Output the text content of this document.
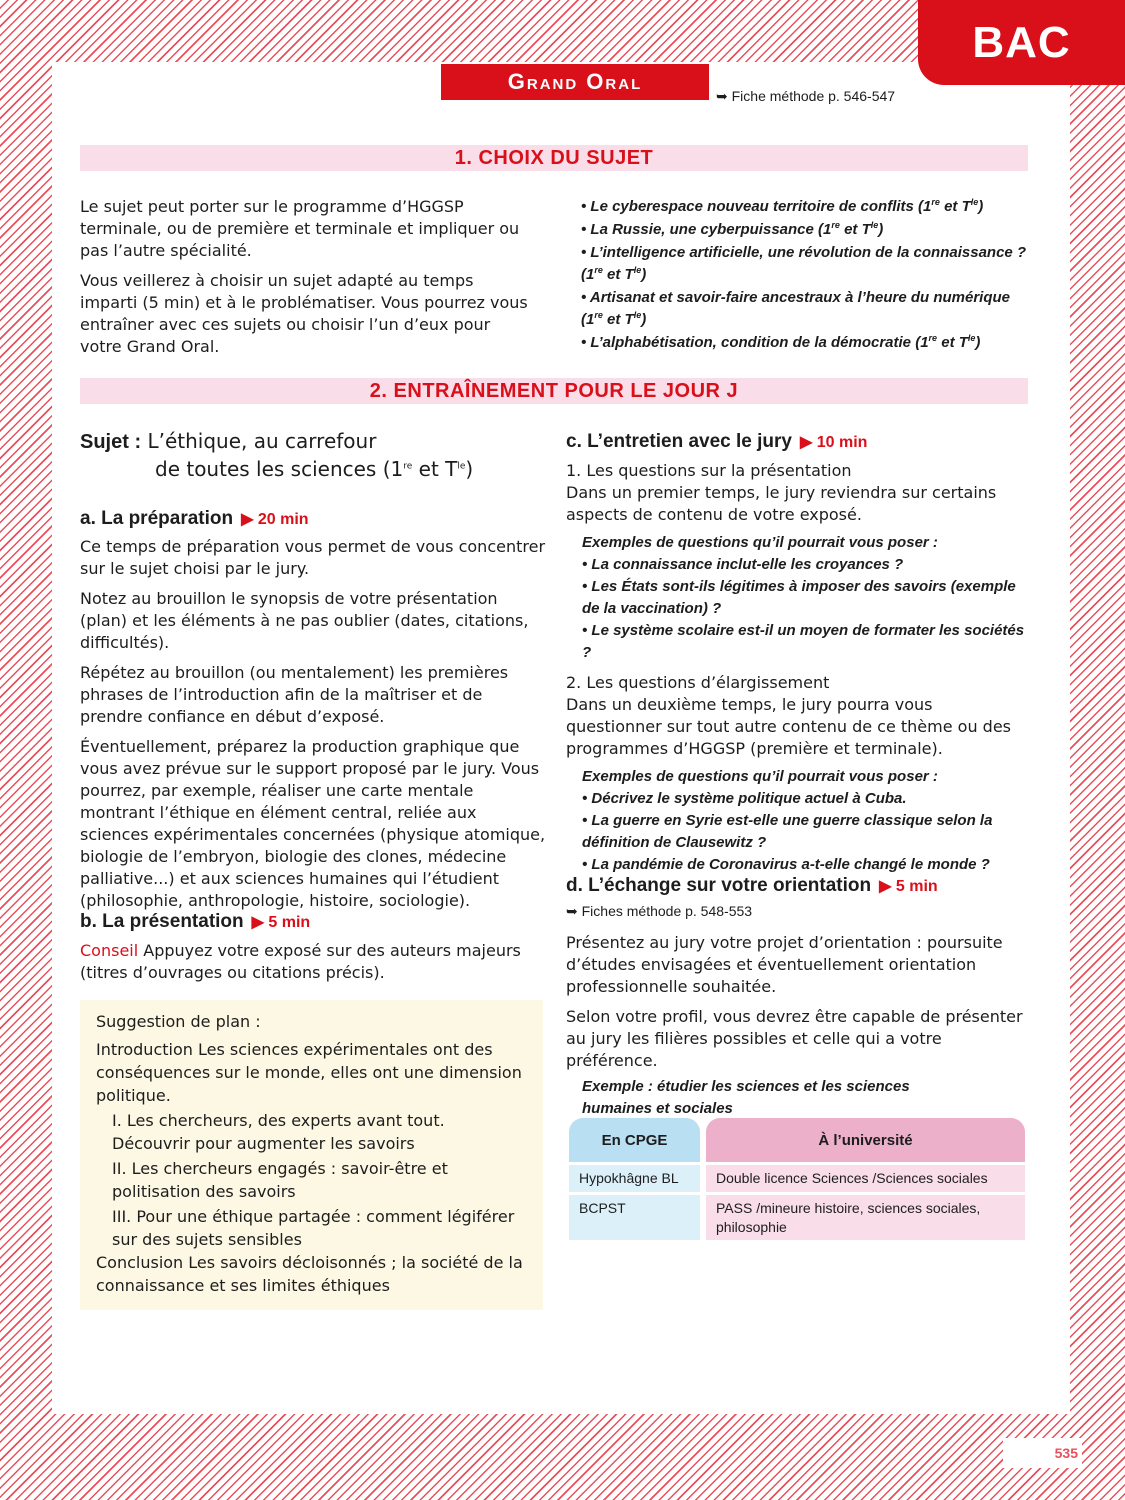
BAC
Grand Oral
➥ Fiche méthode p. 546-547
1. CHOIX DU SUJET

Le sujet peut porter sur le programme d’HGGSP terminale, ou de première et terminale et impliquer ou pas l’autre spécialité.

Vous veillerez à choisir un sujet adapté au temps imparti (5 min) et à le problématiser. Vous pourrez vous entraîner avec ces sujets ou choisir l’un d’eux pour votre Grand Oral.

• Le cyberespace nouveau territoire de conflits (1re et $T^{le}$)
• La Russie, une cyberpuissance (1re et $T^{le}$)
• L’intelligence artificielle, une révolution de la connaissance ?
(1re et $T^{le}$)
• Artisanat et savoir-faire ancestraux à l’heure du numérique
(1re et $T^{le}$)
• L’alphabétisation, condition de la démocratie (1re et $T^{le}$)
2. ENTRAÎNEMENT POUR LE JOUR J
Sujet : L’éthique, au carrefour
de toutes les sciences (1re et $T^{le}$)
a. La préparation ▶ 20 min

Ce temps de préparation vous permet de vous concentrer sur le sujet choisi par le jury.

Notez au brouillon le synopsis de votre présentation (plan) et les éléments à ne pas oublier (dates, citations, difficultés).

Répétez au brouillon (ou mentalement) les premières phrases de l’introduction afin de la maîtriser et de prendre confiance en début d’exposé.

Éventuellement, préparez la production graphique que vous avez prévue sur le support proposé par le jury. Vous pourrez, par exemple, réaliser une carte mentale montrant l’éthique en élément central, reliée aux sciences expérimentales concernées (physique atomique, biologie de l’embryon, biologie des clones, médecine palliative...) et aux sciences humaines qui l’étudient (philosophie, anthropologie, histoire, sociologie).

b. La présentation ▶ 5 min
Conseil Appuyez votre exposé sur des auteurs majeurs (titres d’ouvrages ou citations précis).
Suggestion de plan :
Introduction Les sciences expérimentales ont des conséquences sur le monde, elles ont une dimension politique.
I. Les chercheurs, des experts avant tout. Découvrir pour augmenter les savoirs
II. Les chercheurs engagés : savoir-être et politisation des savoirs
III. Pour une éthique partagée : comment légiférer sur des sujets sensibles
Conclusion Les savoirs décloisonnés ; la société de la connaissance et ses limites éthiques
c. L’entretien avec le jury ▶ 10 min
1. Les questions sur la présentation
Dans un premier temps, le jury reviendra sur certains aspects de contenu de votre exposé.
Exemples de questions qu’il pourrait vous poser :
• La connaissance inclut-elle les croyances ?
• Les États sont-ils légitimes à imposer des savoirs (exemple de la vaccination) ?
• Le système scolaire est-il un moyen de formater les sociétés ?
2. Les questions d’élargissement
Dans un deuxième temps, le jury pourra vous questionner sur tout autre contenu de ce thème ou des programmes d’HGGSP (première et terminale).
Exemples de questions qu’il pourrait vous poser :
• Décrivez le système politique actuel à Cuba.
• La guerre en Syrie est-elle une guerre classique selon la définition de Clausewitz ?
• La pandémie de Coronavirus a-t-elle changé le monde ?
d. L’échange sur votre orientation ▶ 5 min
➥ Fiches méthode p. 548-553

Présentez au jury votre projet d’orientation : poursuite d’études envisagées et éventuellement orientation professionnelle souhaitée.

Selon votre profil, vous devrez être capable de présenter au jury les filières possibles et celle qui a votre préférence.

Exemple : étudier les sciences et les sciences humaines et sociales
En CPGE	À l’université
Hypokhâgne BL	Double licence Sciences /Sciences sociales
BCPST	PASS /mineure histoire, sciences sociales, philosophie
535
